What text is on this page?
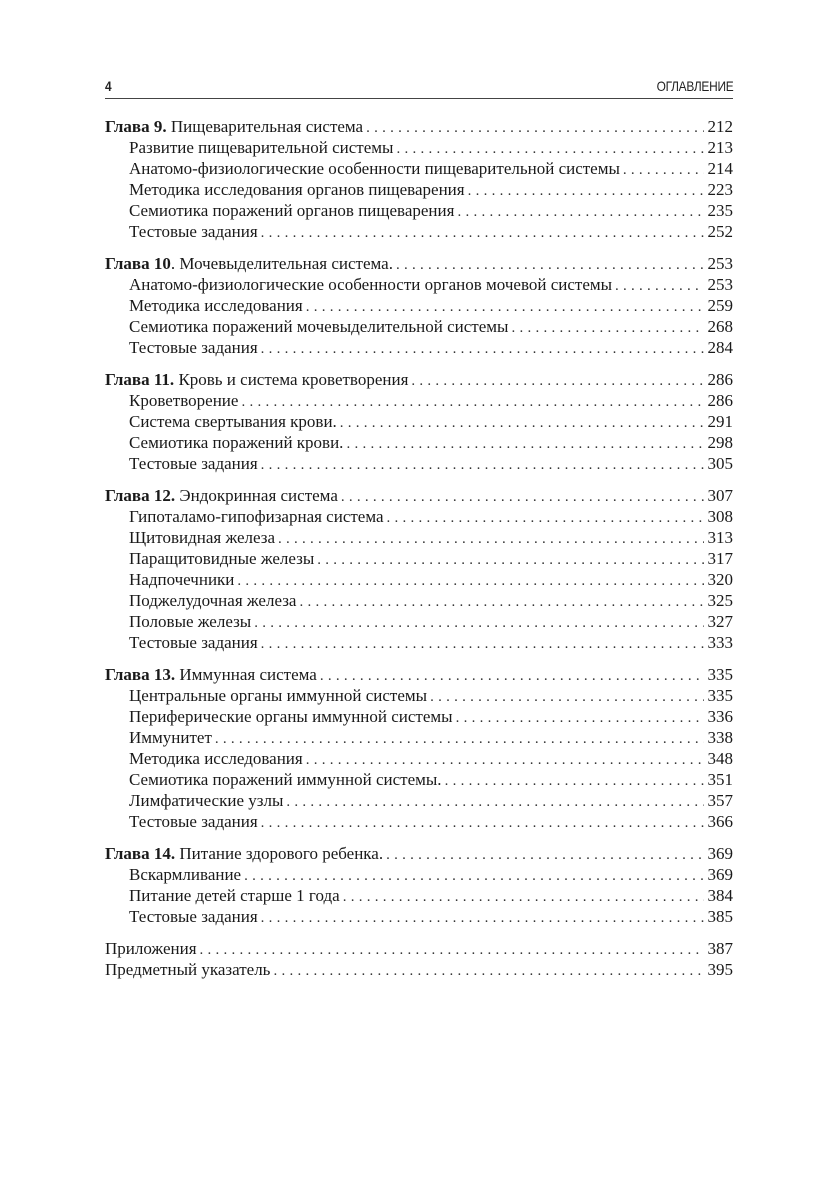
4	ОГЛАВЛЕНИЕ
Глава 9. Пищеварительная система . . .	212
Развитие пищеварительной системы . . .	213
Анатомо-физиологические особенности пищеварительной системы . . .	214
Методика исследования органов пищеварения . . .	223
Семиотика поражений органов пищеварения . . .	235
Тестовые задания . . .	252
Глава 10. Мочевыделительная система. . . .	253
Анатомо-физиологические особенности органов мочевой системы . . .	253
Методика исследования . . .	259
Семиотика поражений мочевыделительной системы . . .	268
Тестовые задания . . .	284
Глава 11. Кровь и система кроветворения . . .	286
Кроветворение . . .	286
Система свертывания крови. . . .	291
Семиотика поражений крови. . . .	298
Тестовые задания . . .	305
Глава 12. Эндокринная система . . .	307
Гипоталамо-гипофизарная система . . .	308
Щитовидная железа . . .	313
Паращитовидные железы . . .	317
Надпочечники . . .	320
Поджелудочная железа . . .	325
Половые железы . . .	327
Тестовые задания . . .	333
Глава 13. Иммунная система . . .	335
Центральные органы иммунной системы . . .	335
Периферические органы иммунной системы . . .	336
Иммунитет . . .	338
Методика исследования . . .	348
Семиотика поражений иммунной системы. . . .	351
Лимфатические узлы . . .	357
Тестовые задания . . .	366
Глава 14. Питание здорового ребенка. . . .	369
Вскармливание . . .	369
Питание детей старше 1 года . . .	384
Тестовые задания . . .	385
Приложения . . .	387
Предметный указатель . . .	395
